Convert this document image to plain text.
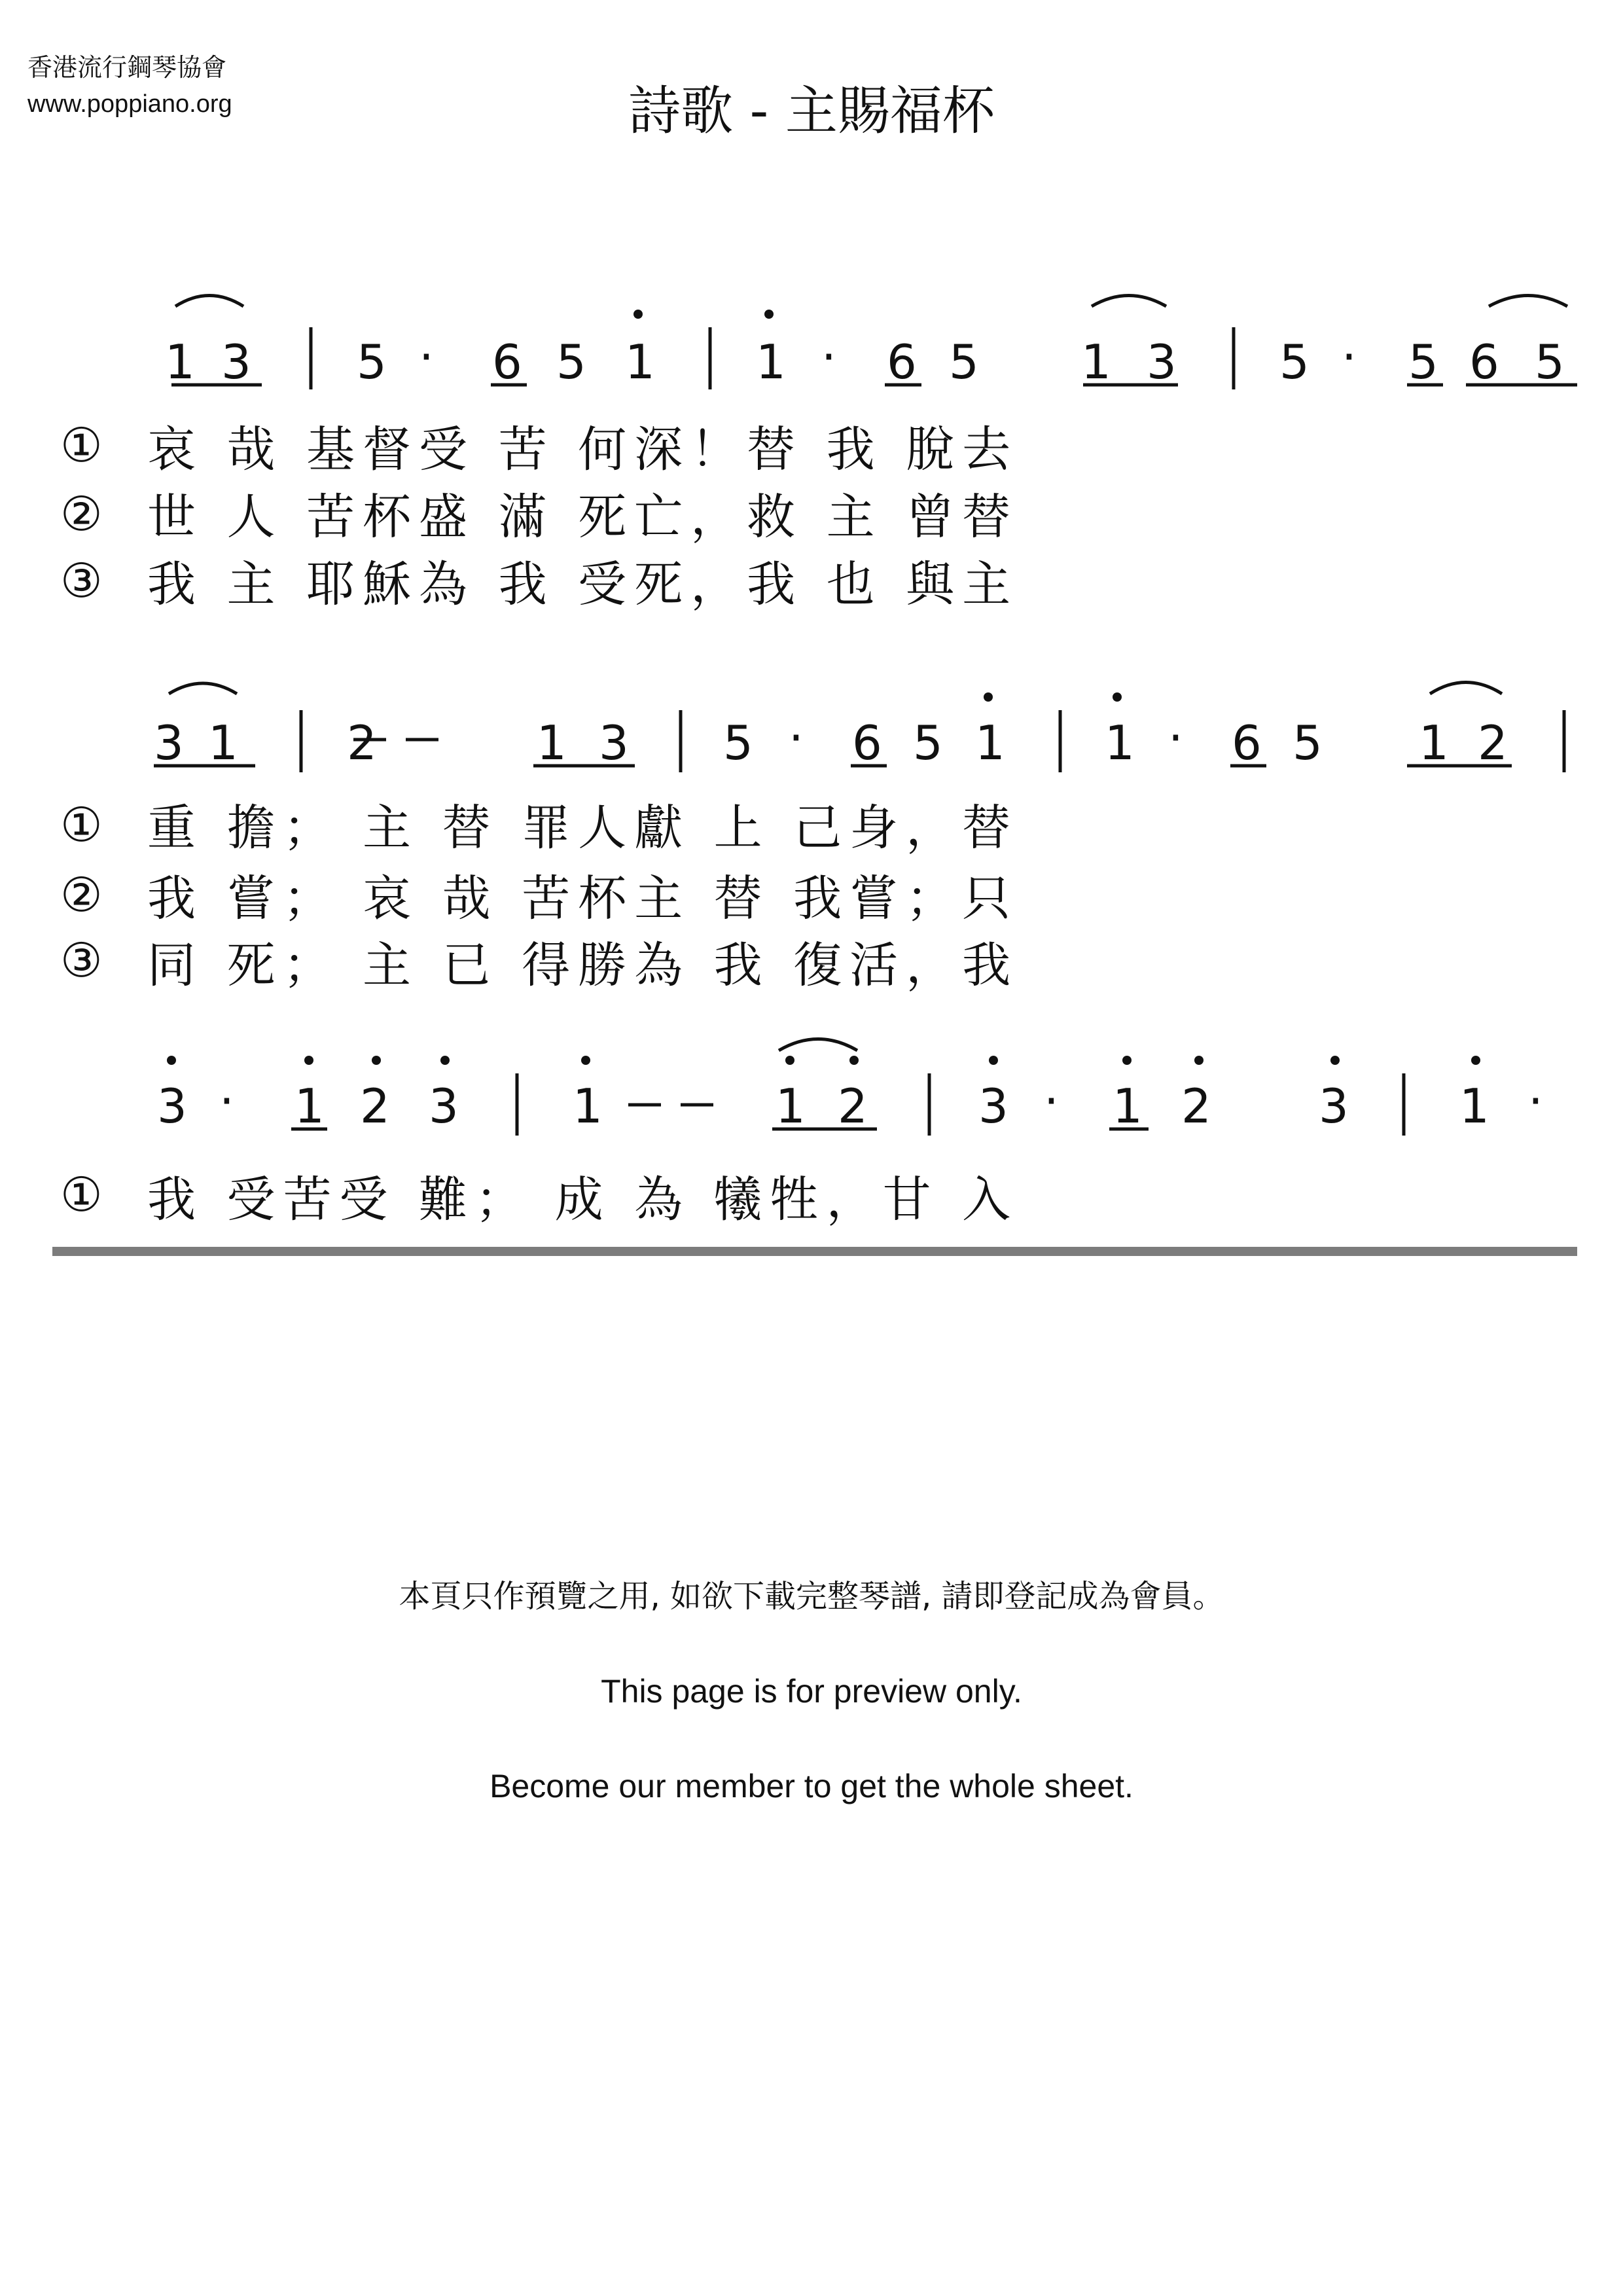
香港流行鋼琴協會
www.poppiano.org	詩歌 - 主賜福杯
1 3 5 · 6 5 1 1 · 6 5 1 3 5 · 5 6 5
3 1 2	1 3 5 · 6 5 1 1 · 6 5 1 2
3 · 1 2 3 1	1 2 3 · 1 2 3 1 ·
①
②
③
①
②
③
①
哀 哉 基督受 苦 何深！替 我 脫去
世 人 苦杯盛 滿 死亡，救 主 曾替
我 主 耶穌為 我 受死，我 也 與主
重 擔； 主 替 罪人獻 上 己身，替
我 嘗； 哀 哉 苦杯主 替 我嘗；只
同 死； 主 已 得勝為 我 復活，我
我 受苦受 難； 成 為 犧牲，甘 入
本頁只作預覽之用, 如欲下載完整琴譜, 請即登記成為會員。
This page is for preview only.
Become our member to get the whole sheet.
